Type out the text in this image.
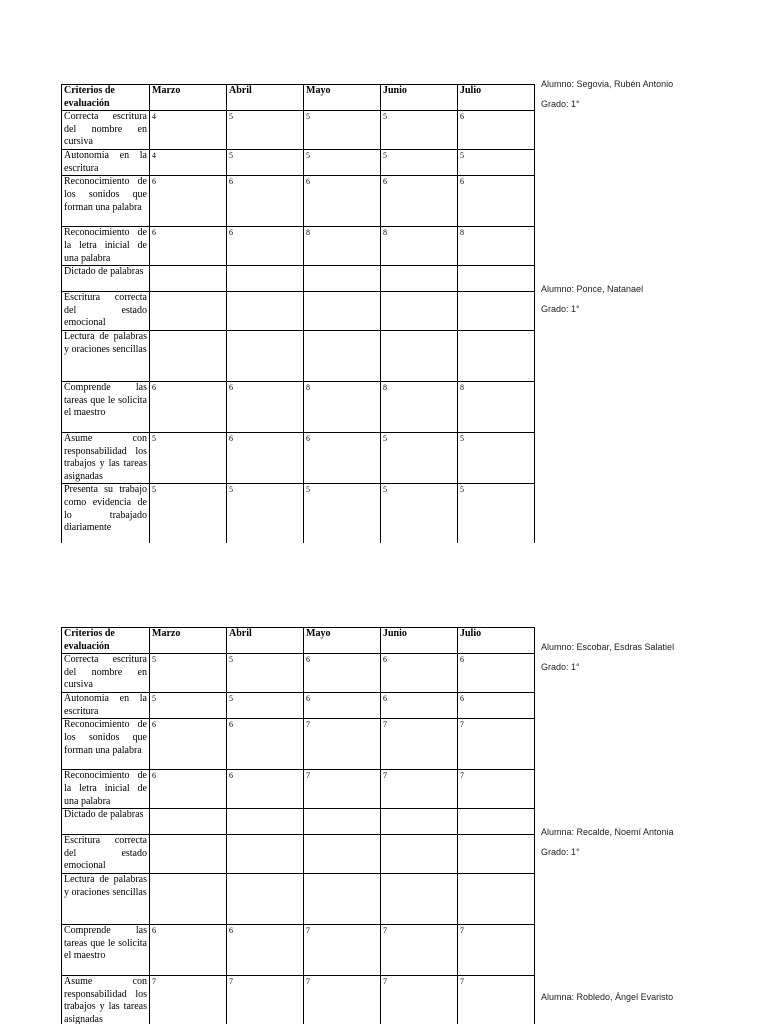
Criterios de evaluación	Marzo	Abril	Mayo	Junio	Julio
Correcta escritura del nombre en cursiva	4	5	5	5	6
Autonomía en la escritura	4	5	5	5	5
Reconocimiento de los sonidos que forman una palabra	6	6	6	6	6
Reconocimiento de la letra inicial de una palabra	6	6	8	8	8
Dictado de palabras					
Escritura correcta del estado emocional					
Lectura de palabras y oraciones sencillas					
Comprende las tareas que le solicita el maestro	6	6	8	8	8
Asume con responsabilidad los trabajos y las tareas asignadas	5	6	6	5	5
Presenta su trabajo como evidencia de lo trabajado diariamente	5	5	5	5	5
Criterios de evaluación	Marzo	Abril	Mayo	Junio	Julio
Correcta escritura del nombre en cursiva	5	5	6	6	6
Autonomía en la escritura	5	5	6	6	6
Reconocimiento de los sonidos que forman una palabra	6	6	7	7	7
Reconocimiento de la letra inicial de una palabra	6	6	7	7	7
Dictado de palabras					
Escritura correcta del estado emocional					
Lectura de palabras y oraciones sencillas					
Comprende las tareas que le solicita el maestro	6	6	7	7	7
Asume con responsabilidad los trabajos y las tareas asignadas	7	7	7	7	7
Alumno: Segovia, Rubén Antonio
Grado: 1°
Alumno: Ponce, Natanael
Grado: 1°
Alumno: Escobar, Esdras Salatiel
Grado: 1°
Alumna: Recalde, Noemí Antonia
Grado: 1°
Alumna: Robledo, Ángel Evaristo
